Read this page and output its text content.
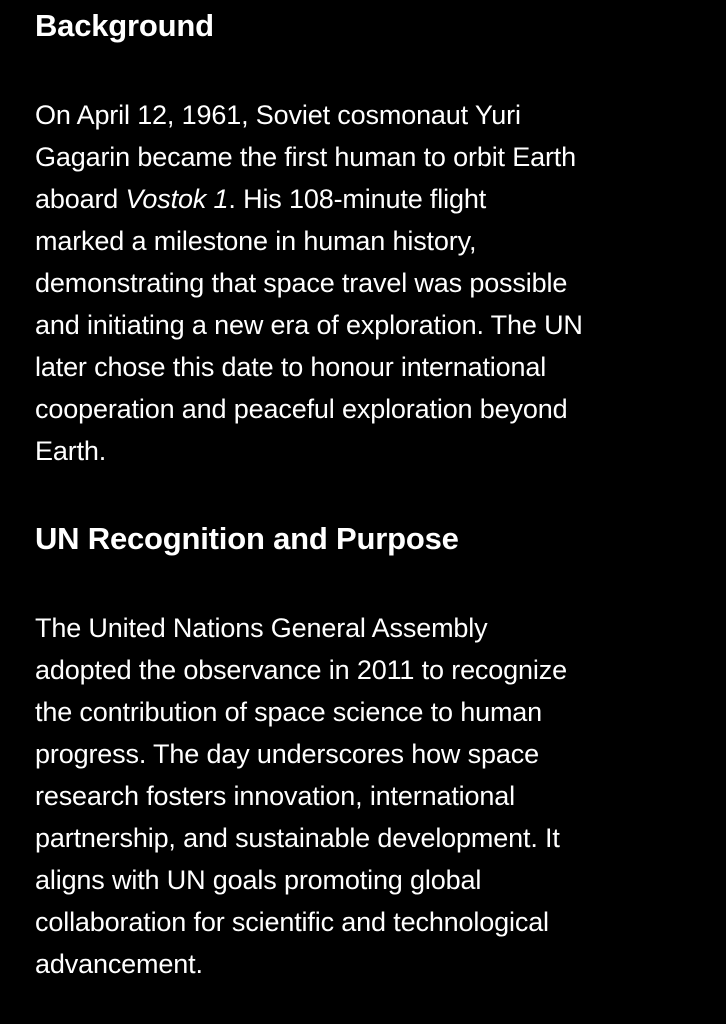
Background

On April 12, 1961, Soviet cosmonaut Yuri
Gagarin became the first human to orbit Earth
aboard Vostok 1. His 108-minute flight
marked a milestone in human history,
demonstrating that space travel was possible
and initiating a new era of exploration. The UN
later chose this date to honour international
cooperation and peaceful exploration beyond
Earth.

UN Recognition and Purpose

The United Nations General Assembly
adopted the observance in 2011 to recognize
the contribution of space science to human
progress. The day underscores how space
research fosters innovation, international
partnership, and sustainable development. It
aligns with UN goals promoting global
collaboration for scientific and technological
advancement.
